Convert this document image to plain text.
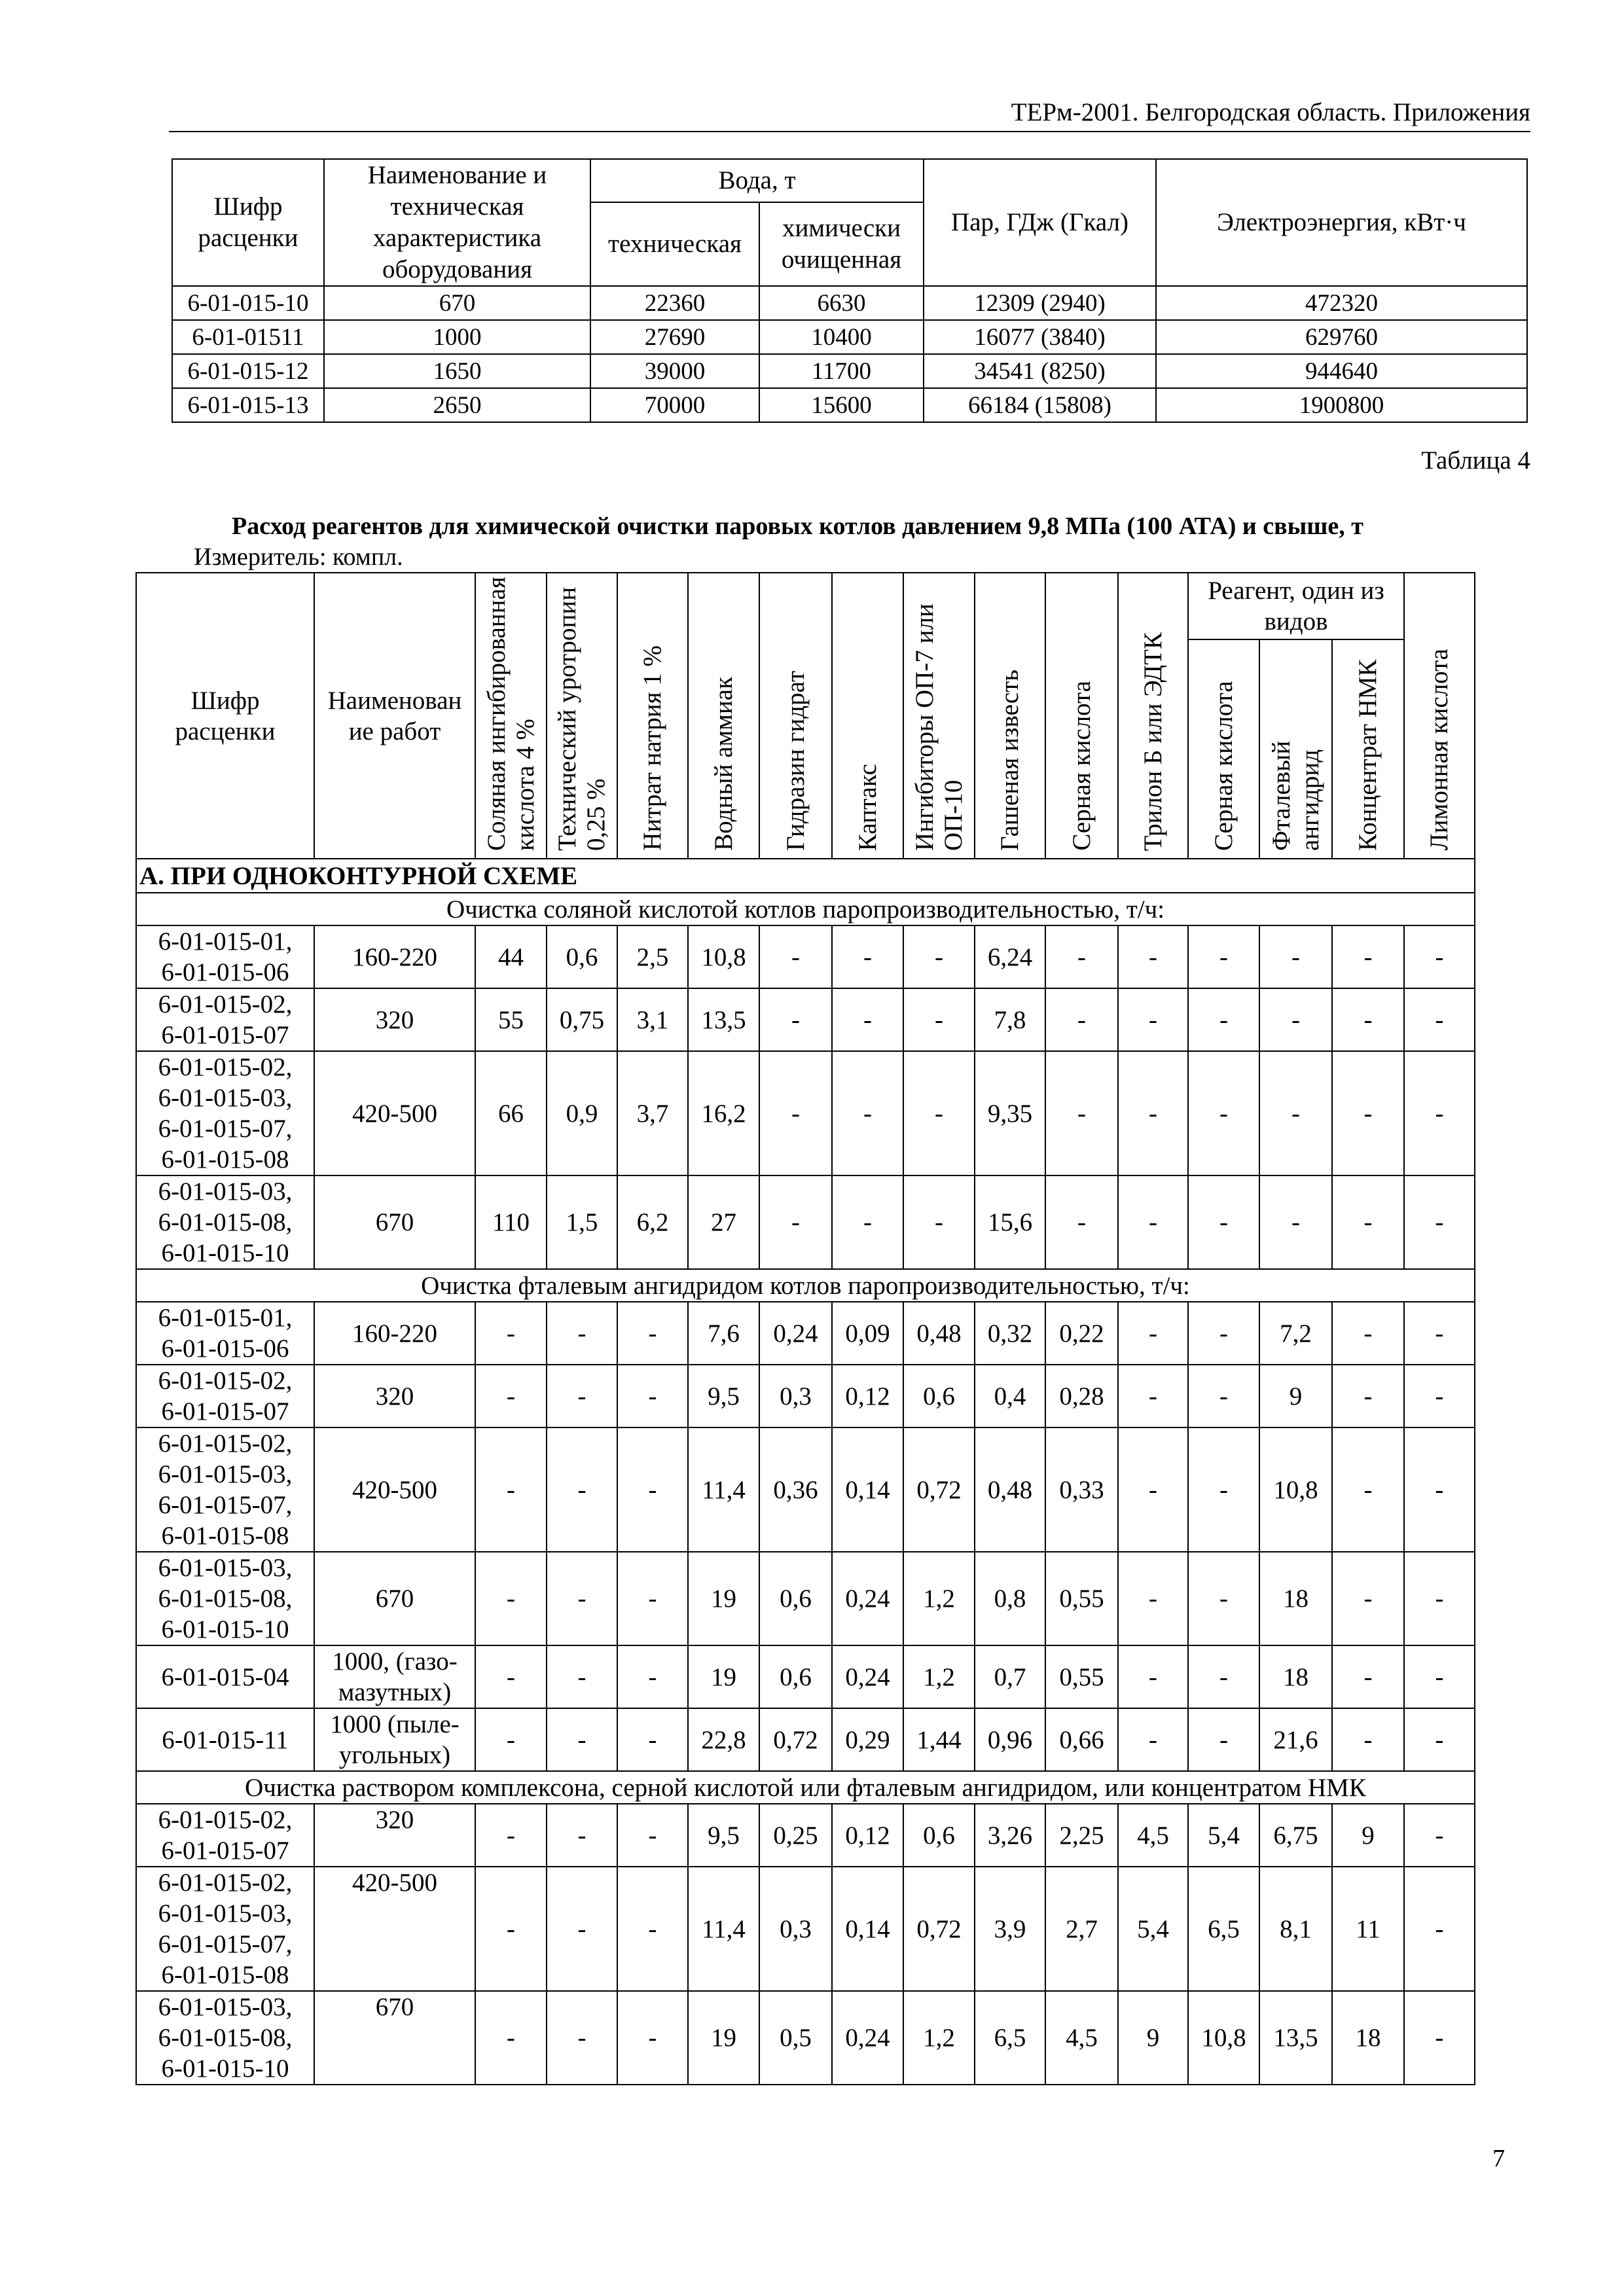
ТЕРм-2001. Белгородская область. Приложения
Шифр расценки	Наименование и техническая характеристика оборудования	Вода, т		Пар, ГДж (Гкал)	Электроэнергия, кВт·ч
		техническая	химически очищенная		
6-01-015-10	670	22360	6630	12309 (2940)	472320
6-01-01511	1000	27690	10400	16077 (3840)	629760
6-01-015-12	1650	39000	11700	34541 (8250)	944640
6-01-015-13	2650	70000	15600	66184 (15808)	1900800
Таблица 4
Расход реагентов для химической очистки паровых котлов давлением 9,8 МПа (100 АТА) и свыше, т
Измеритель: компл.
Шифр расценки	Наименован ие работ	Соляная ингибированная кислота 4 %	Технический уротропин 0,25 %	Нитрат натрия 1 %	Водный аммиак	Гидразин гидрат	Каптакс	Ингибиторы ОП-7 или ОП-10	Гашеная известь	Серная кислота	Трилон Б или ЭДТК	Реагент, один из видов			Лимонная кислота
												Серная кислота	Фталевый ангидрид	Концентрат НМК	
А. ПРИ ОДНОКОНТУРНОЙ СХЕМЕ															

Очистка соляной кислотой котлов паропроизводительностью, т/ч:															

6-01-015-01,
6-01-015-06	160-220	44	0,6	2,5	10,8	-	-	-	6,24	-	-	-	-	-	-
6-01-015-02,
6-01-015-07	320	55	0,75	3,1	13,5	-	-	-	7,8	-	-	-	-	-	-
6-01-015-02,
6-01-015-03,
6-01-015-07,
6-01-015-08	420-500	66	0,9	3,7	16,2	-	-	-	9,35	-	-	-	-	-	-
6-01-015-03,
6-01-015-08,
6-01-015-10	670	110	1,5	6,2	27	-	-	-	15,6	-	-	-	-	-	-

Очистка фталевым ангидридом котлов паропроизводительностью, т/ч:															

6-01-015-01,
6-01-015-06	160-220	-	-	-	7,6	0,24	0,09	0,48	0,32	0,22	-	-	7,2	-	-
6-01-015-02,
6-01-015-07	320	-	-	-	9,5	0,3	0,12	0,6	0,4	0,28	-	-	9	-	-
6-01-015-02,
6-01-015-03,
6-01-015-07,
6-01-015-08	420-500	-	-	-	11,4	0,36	0,14	0,72	0,48	0,33	-	-	10,8	-	-
6-01-015-03,
6-01-015-08,
6-01-015-10	670	-	-	-	19	0,6	0,24	1,2	0,8	0,55	-	-	18	-	-
6-01-015-04	1000, (газо-
мазутных)	-	-	-	19	0,6	0,24	1,2	0,7	0,55	-	-	18	-	-
6-01-015-11	1000 (пыле-
угольных)	-	-	-	22,8	0,72	0,29	1,44	0,96	0,66	-	-	21,6	-	-

Очистка раствором комплексона, серной кислотой или фталевым ангидридом, или концентратом НМК															

6-01-015-02,
6-01-015-07	320	-	-	-	9,5	0,25	0,12	0,6	3,26	2,25	4,5	5,4	6,75	9	-
6-01-015-02,
6-01-015-03,
6-01-015-07,
6-01-015-08	420-500	-	-	-	11,4	0,3	0,14	0,72	3,9	2,7	5,4	6,5	8,1	11	-
6-01-015-03,
6-01-015-08,
6-01-015-10	670	-	-	-	19	0,5	0,24	1,2	6,5	4,5	9	10,8	13,5	18	-
7
